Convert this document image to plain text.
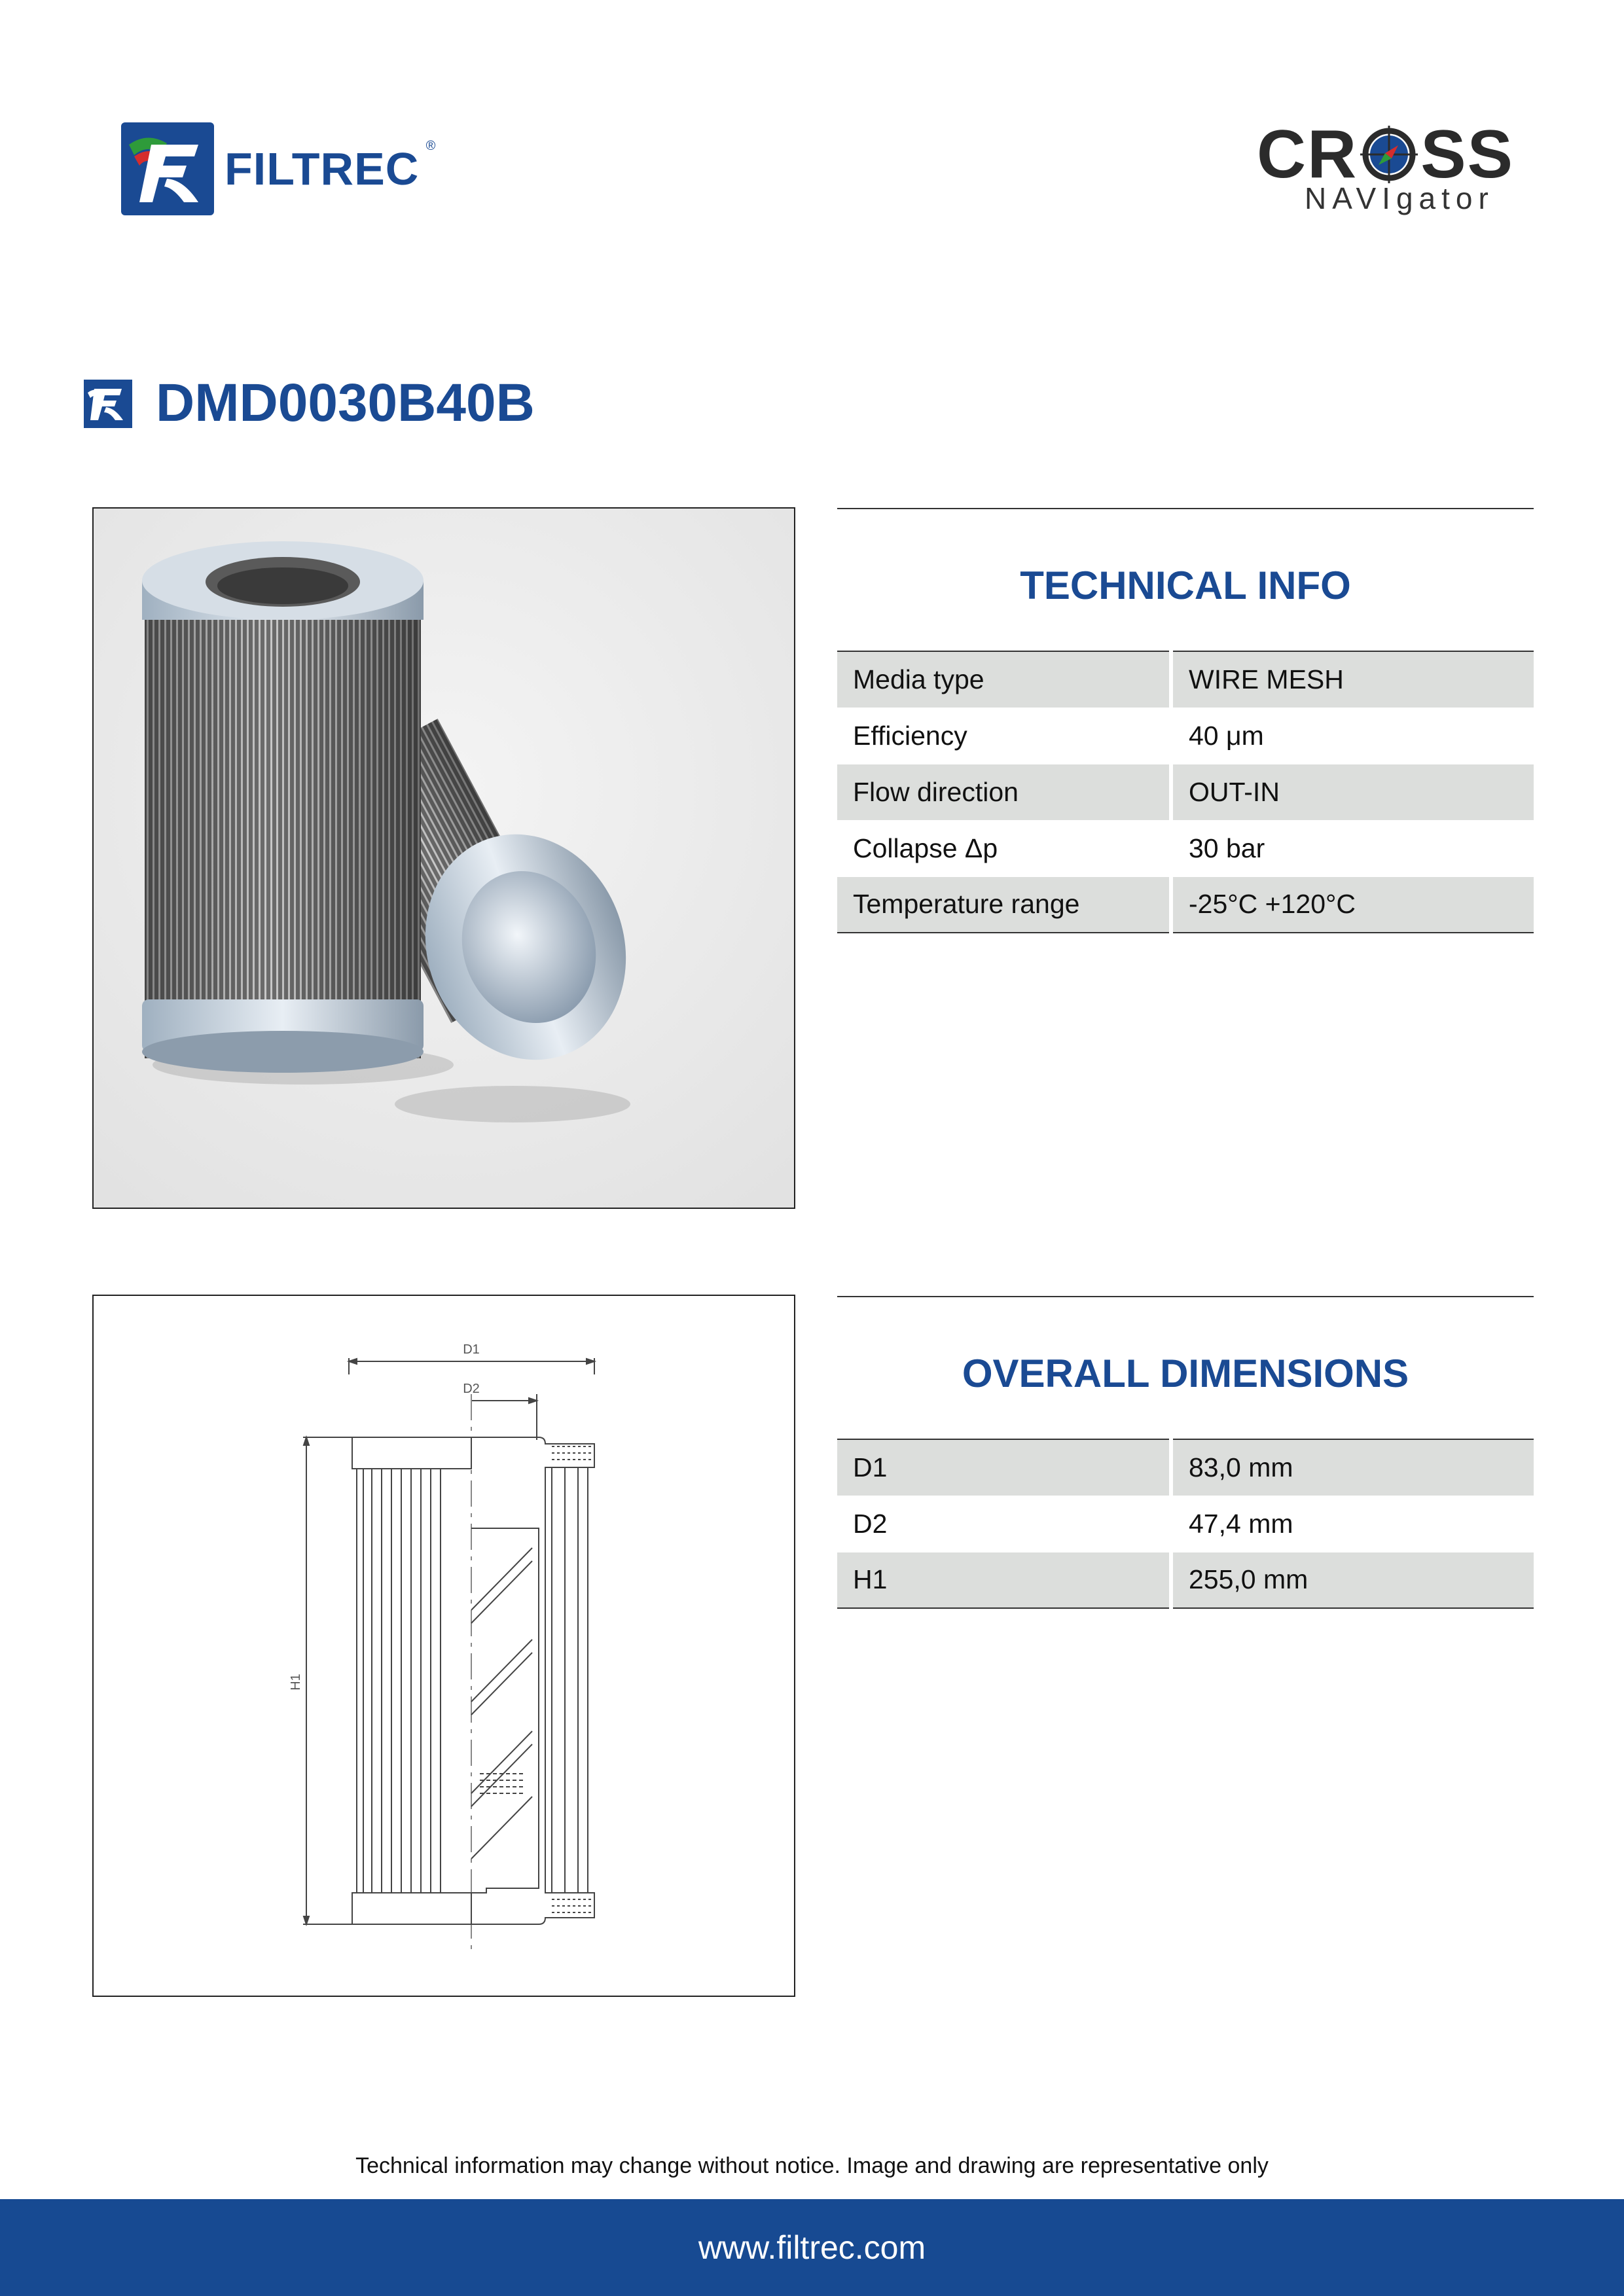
FILTREC ®	CR SS
NAVIgator
DMD0030B40B
D1
D2
H1
TECHNICAL INFO
Media type	WIRE MESH
Efficiency	40 μm
Flow direction	OUT-IN
Collapse Δp	30 bar
Temperature range	-25°C +120°C
OVERALL DIMENSIONS
D1	83,0 mm
D2	47,4 mm
H1	255,0 mm
Technical information may change without notice. Image and drawing are representative only
www.filtrec.com
